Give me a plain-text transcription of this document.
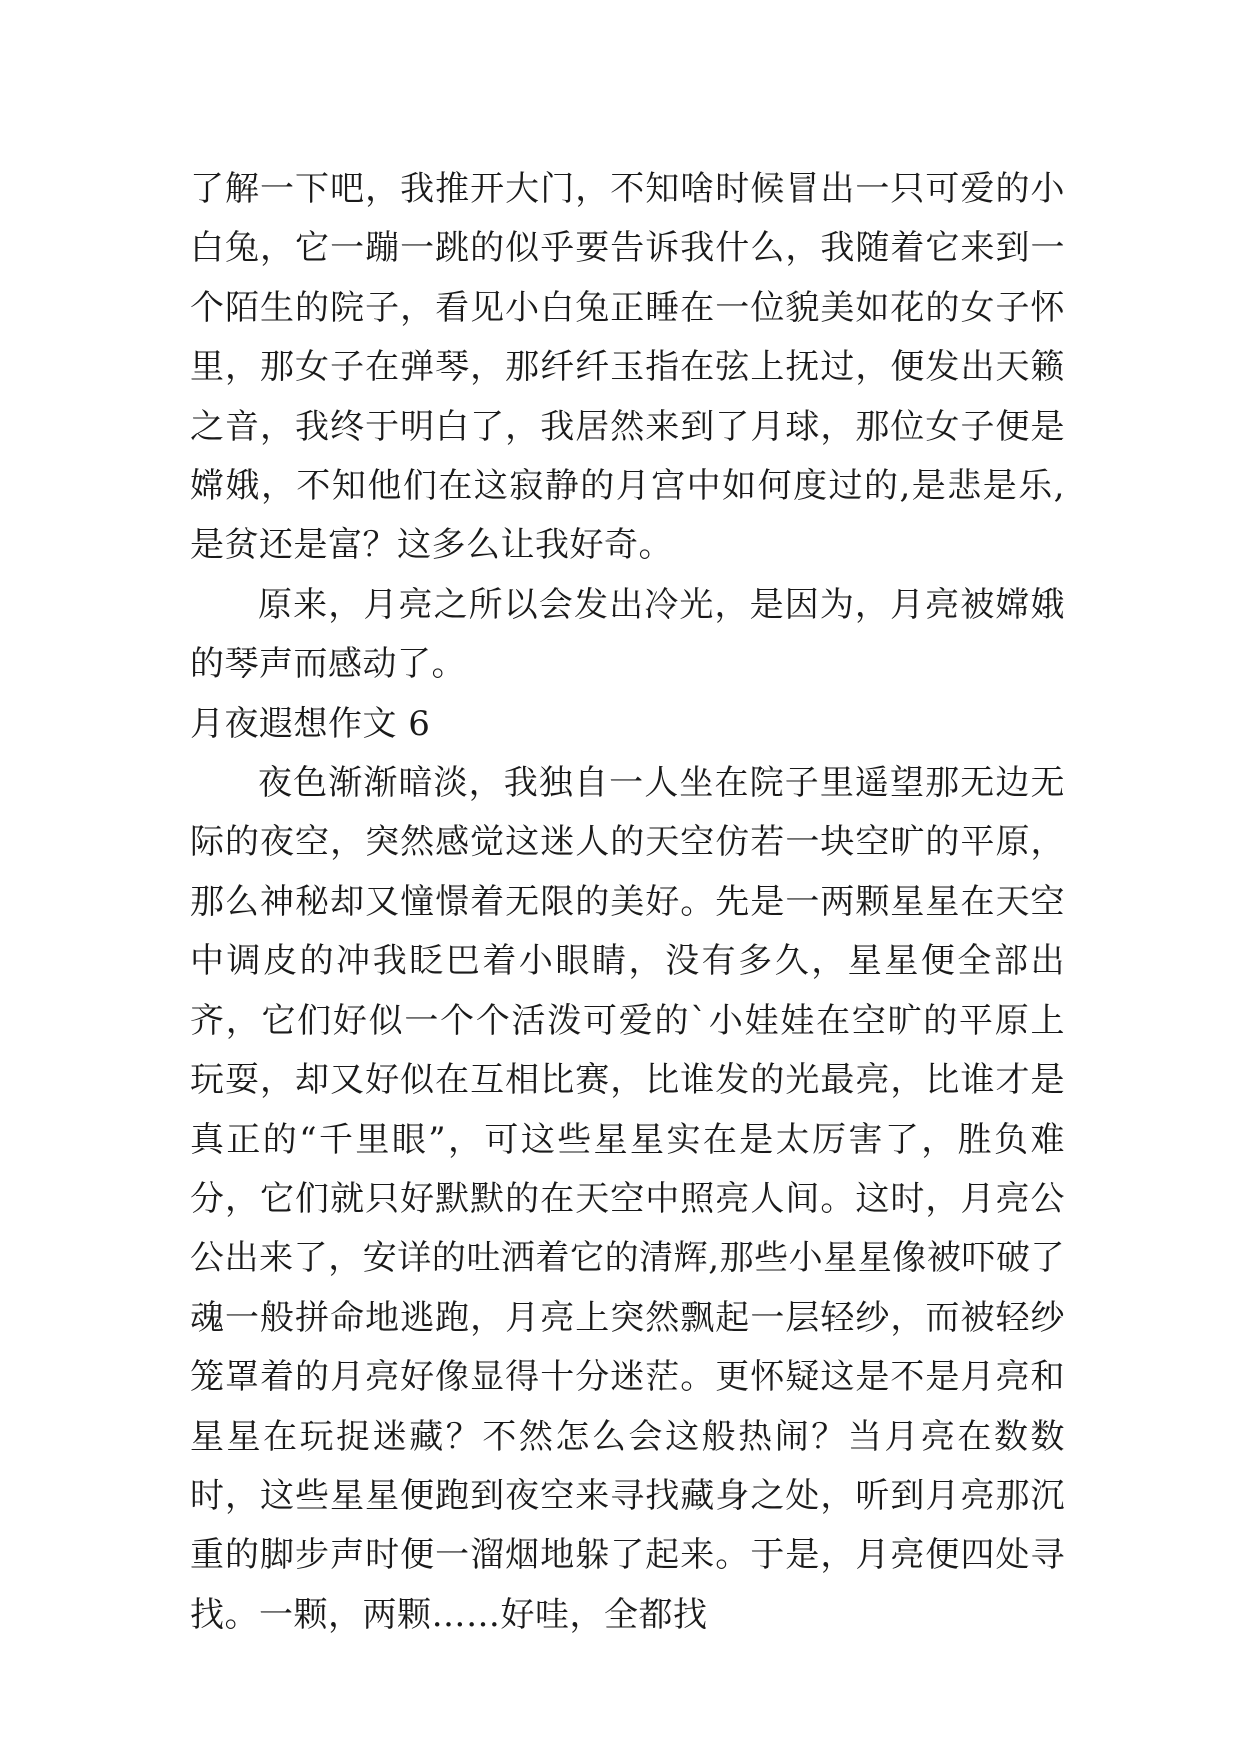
了解一下吧，我推开大门，不知啥时候冒出一只可爱的小白兔，它一蹦一跳的似乎要告诉我什么，我随着它来到一个陌生的院子，看见小白兔正睡在一位貌美如花的女子怀里，那女子在弹琴，那纤纤玉指在弦上抚过，便发出天籁之音，我终于明白了，我居然来到了月球，那位女子便是嫦娥，不知他们在这寂静的月宫中如何度过的,是悲是乐,是贫还是富？这多么让我好奇。

原来，月亮之所以会发出冷光，是因为，月亮被嫦娥的琴声而感动了。

月夜遐想作文 6

夜色渐渐暗淡，我独自一人坐在院子里遥望那无边无际的夜空，突然感觉这迷人的天空仿若一块空旷的平原，那么神秘却又憧憬着无限的美好。先是一两颗星星在天空中调皮的冲我眨巴着小眼睛，没有多久，星星便全部出齐，它们好似一个个活泼可爱的`小娃娃在空旷的平原上玩耍，却又好似在互相比赛，比谁发的光最亮，比谁才是真正的“千里眼”，可这些星星实在是太厉害了，胜负难分，它们就只好默默的在天空中照亮人间。这时，月亮公公出来了，安详的吐洒着它的清辉,那些小星星像被吓破了魂一般拼命地逃跑，月亮上突然飘起一层轻纱，而被轻纱笼罩着的月亮好像显得十分迷茫。更怀疑这是不是月亮和星星在玩捉迷藏？不然怎么会这般热闹？当月亮在数数时，这些星星便跑到夜空来寻找藏身之处，听到月亮那沉重的脚步声时便一溜烟地躲了起来。于是，月亮便四处寻找。一颗，两颗……好哇，全都找
